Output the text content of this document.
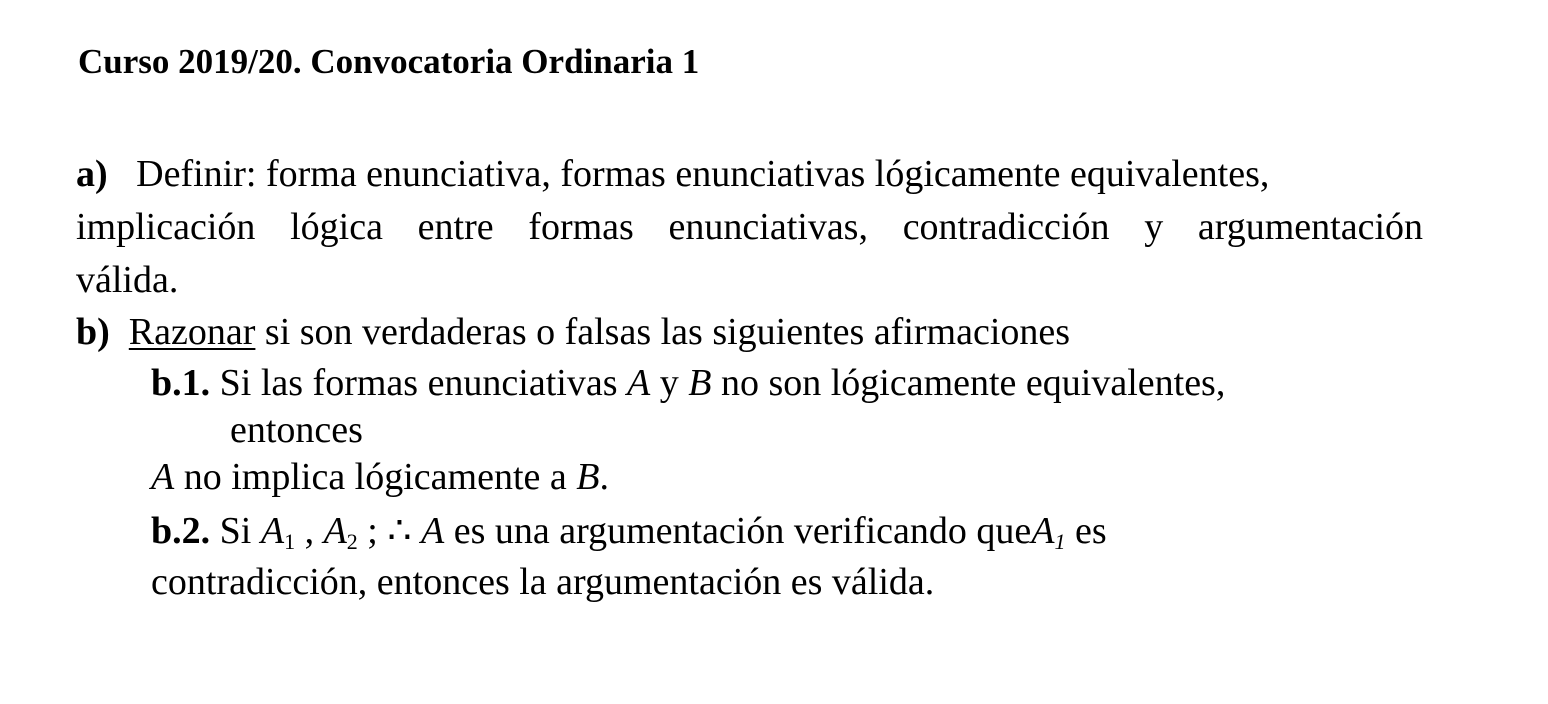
Curso 2019/20. Convocatoria Ordinaria 1
a) Definir: forma enunciativa, formas enunciativas lógicamente equivalentes,
implicación lógica entre formas enunciativas, contradicción y argumentación
válida.
b) Razonar si son verdaderas o falsas las siguientes afirmaciones
b.1. Si las formas enunciativas A y B no son lógicamente equivalentes,
entonces
A no implica lógicamente a B.
b.2. Si $A_1$ , $A_2$ ; ∴ A es una argumentación verificando queA$_1$ es
contradicción, entonces la argumentación es válida.
